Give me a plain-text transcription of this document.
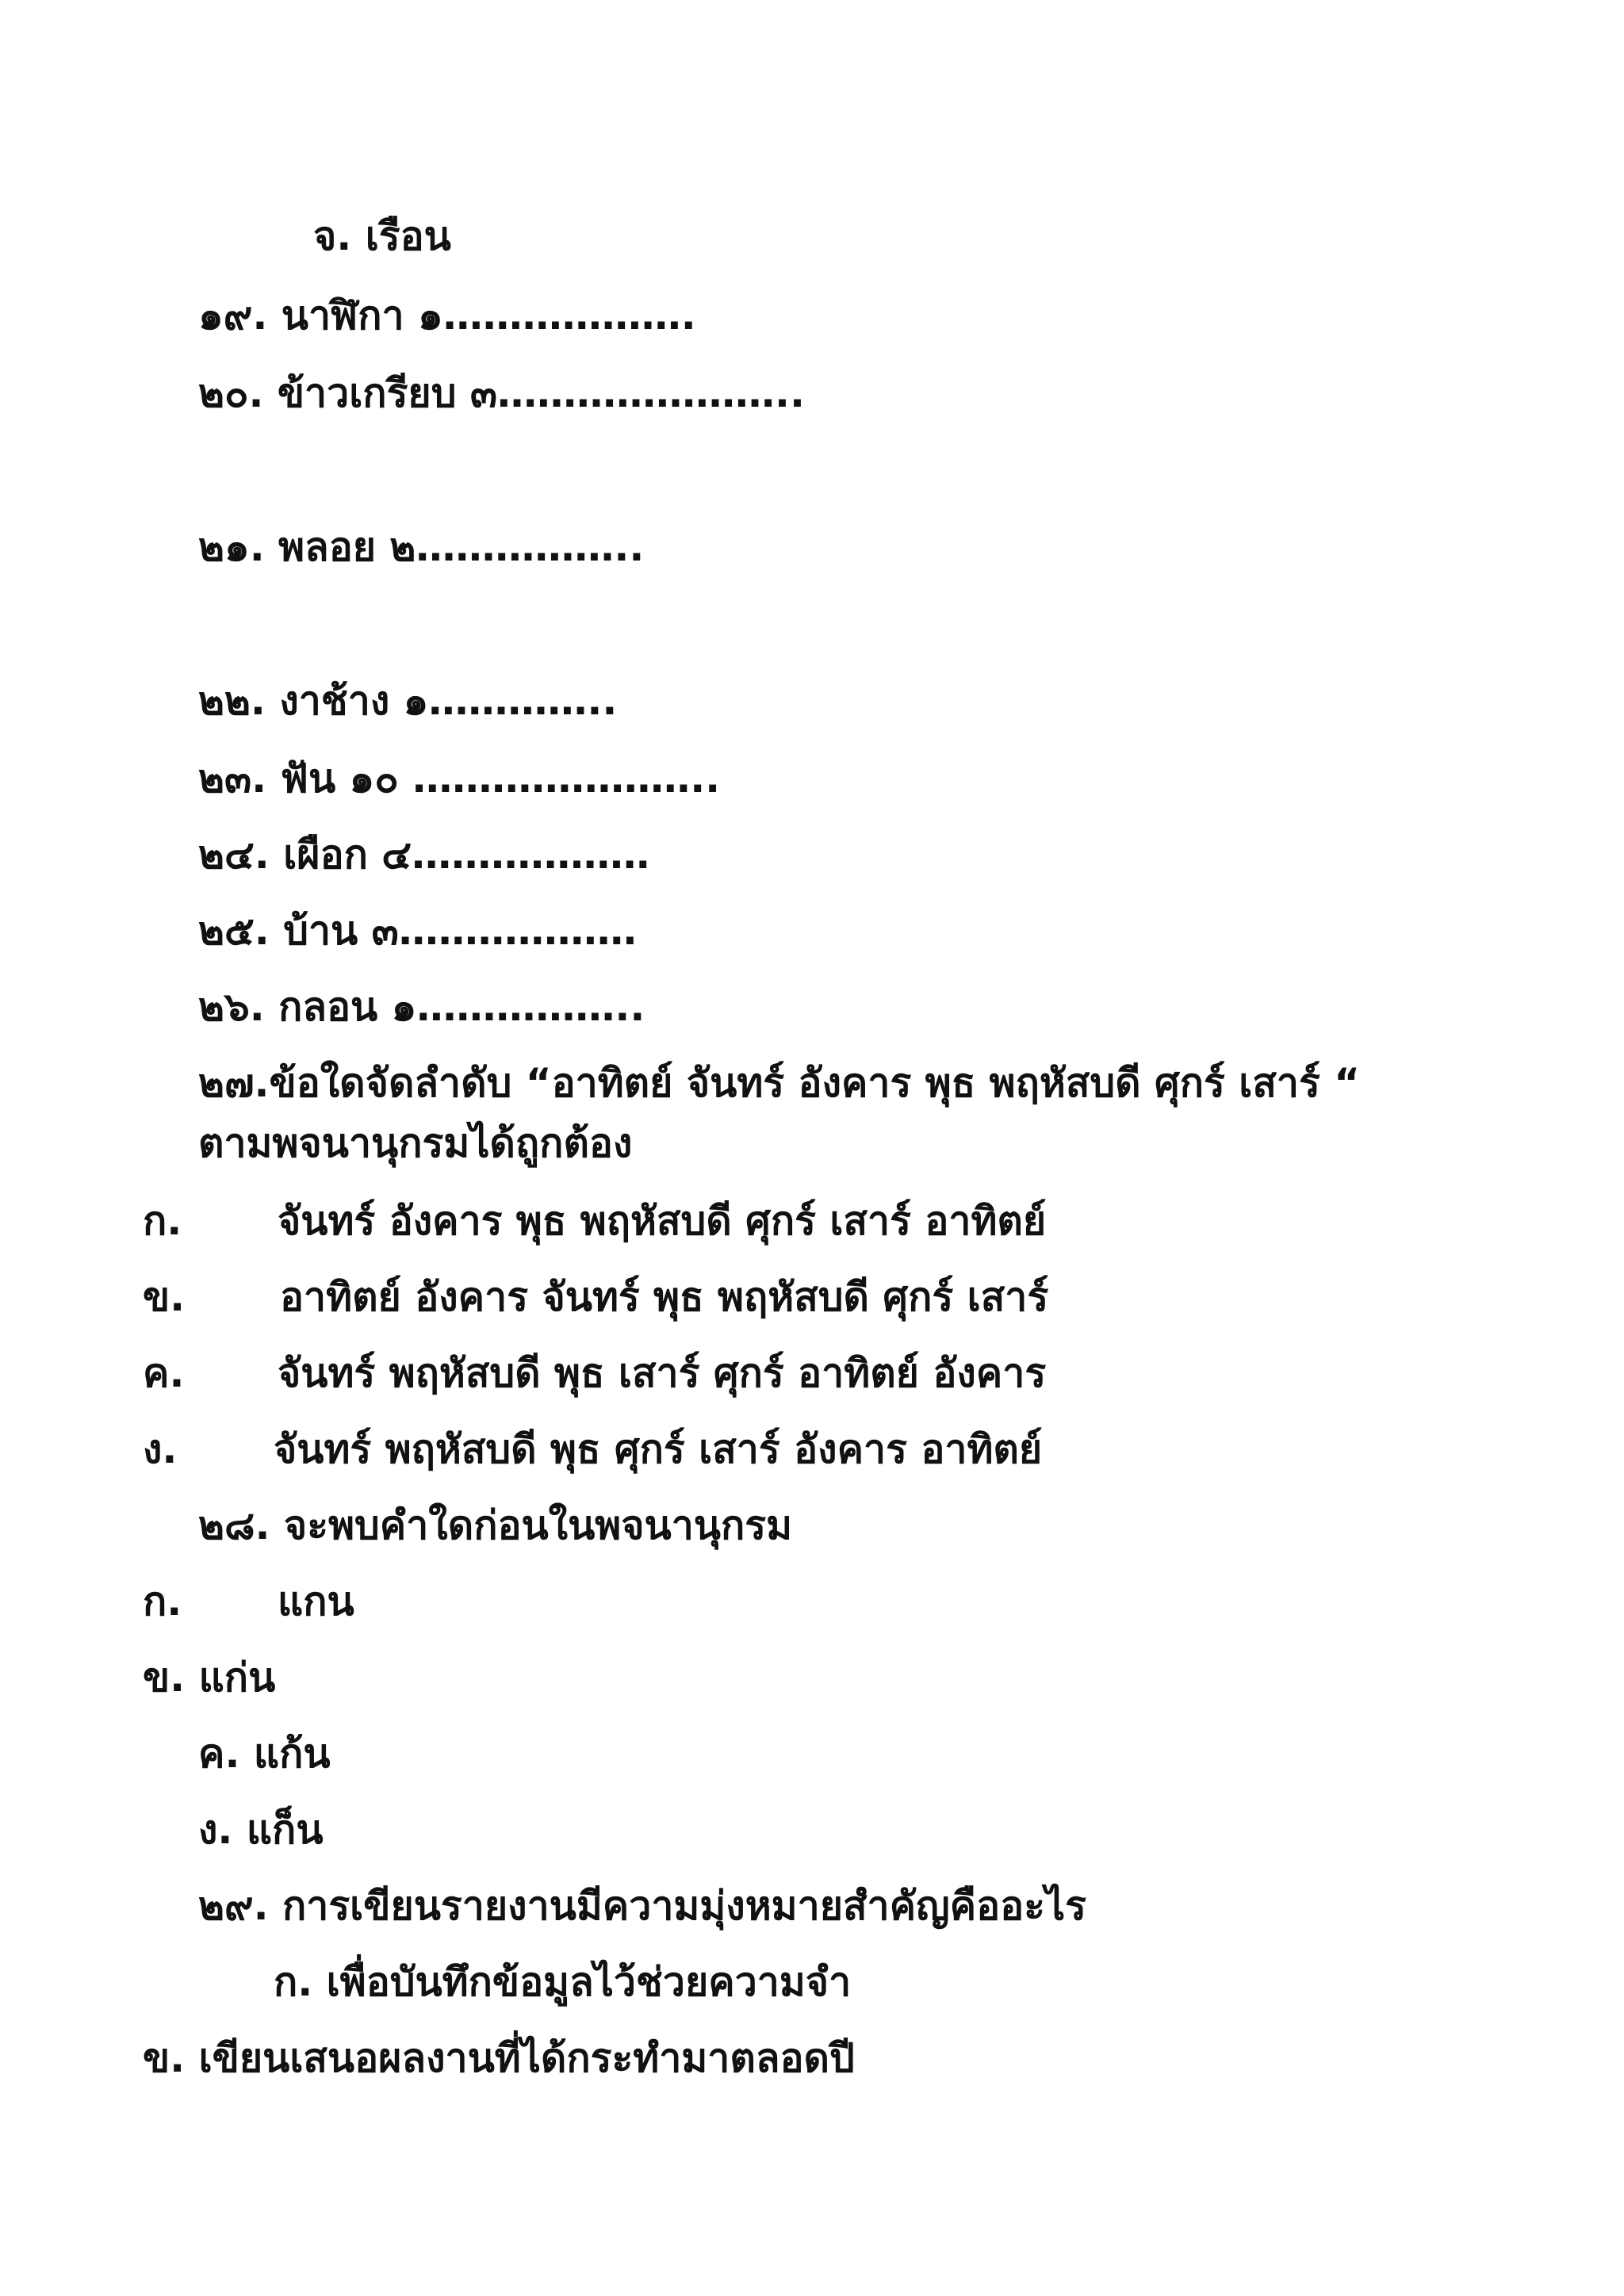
จ. เรือน
๑๙. นาฬิกา ๑……………….
๒๐. ข้าวเกรียบ ๓…………………..
๒๑. พลอย ๒……………..
๒๒. งาช้าง ๑…………..
๒๓. ฟัน ๑๐ …………………..
๒๔. เผือก ๔………………
๒๕. บ้าน ๓………………
๒๖. กลอน ๑……………..
๒๗.ข้อใดจัดลำดับ “อาทิตย์ จันทร์ อังคาร พุธ พฤหัสบดี ศุกร์ เสาร์ “
ตามพจนานุกรมได้ถูกต้อง
ก. จันทร์ อังคาร พุธ พฤหัสบดี ศุกร์ เสาร์ อาทิตย์
ข. อาทิตย์ อังคาร จันทร์ พุธ พฤหัสบดี ศุกร์ เสาร์
ค. จันทร์ พฤหัสบดี พุธ เสาร์ ศุกร์ อาทิตย์ อังคาร
ง. จันทร์ พฤหัสบดี พุธ ศุกร์ เสาร์ อังคาร อาทิตย์
๒๘. จะพบคำใดก่อนในพจนานุกรม
ก. แกน
ข. แก่น
ค. แก้น
ง. แก็น
๒๙. การเขียนรายงานมีความมุ่งหมายสำคัญคืออะไร
ก. เพื่อบันทึกข้อมูลไว้ช่วยความจำ
ข. เขียนเสนอผลงานที่ได้กระทำมาตลอดปี
